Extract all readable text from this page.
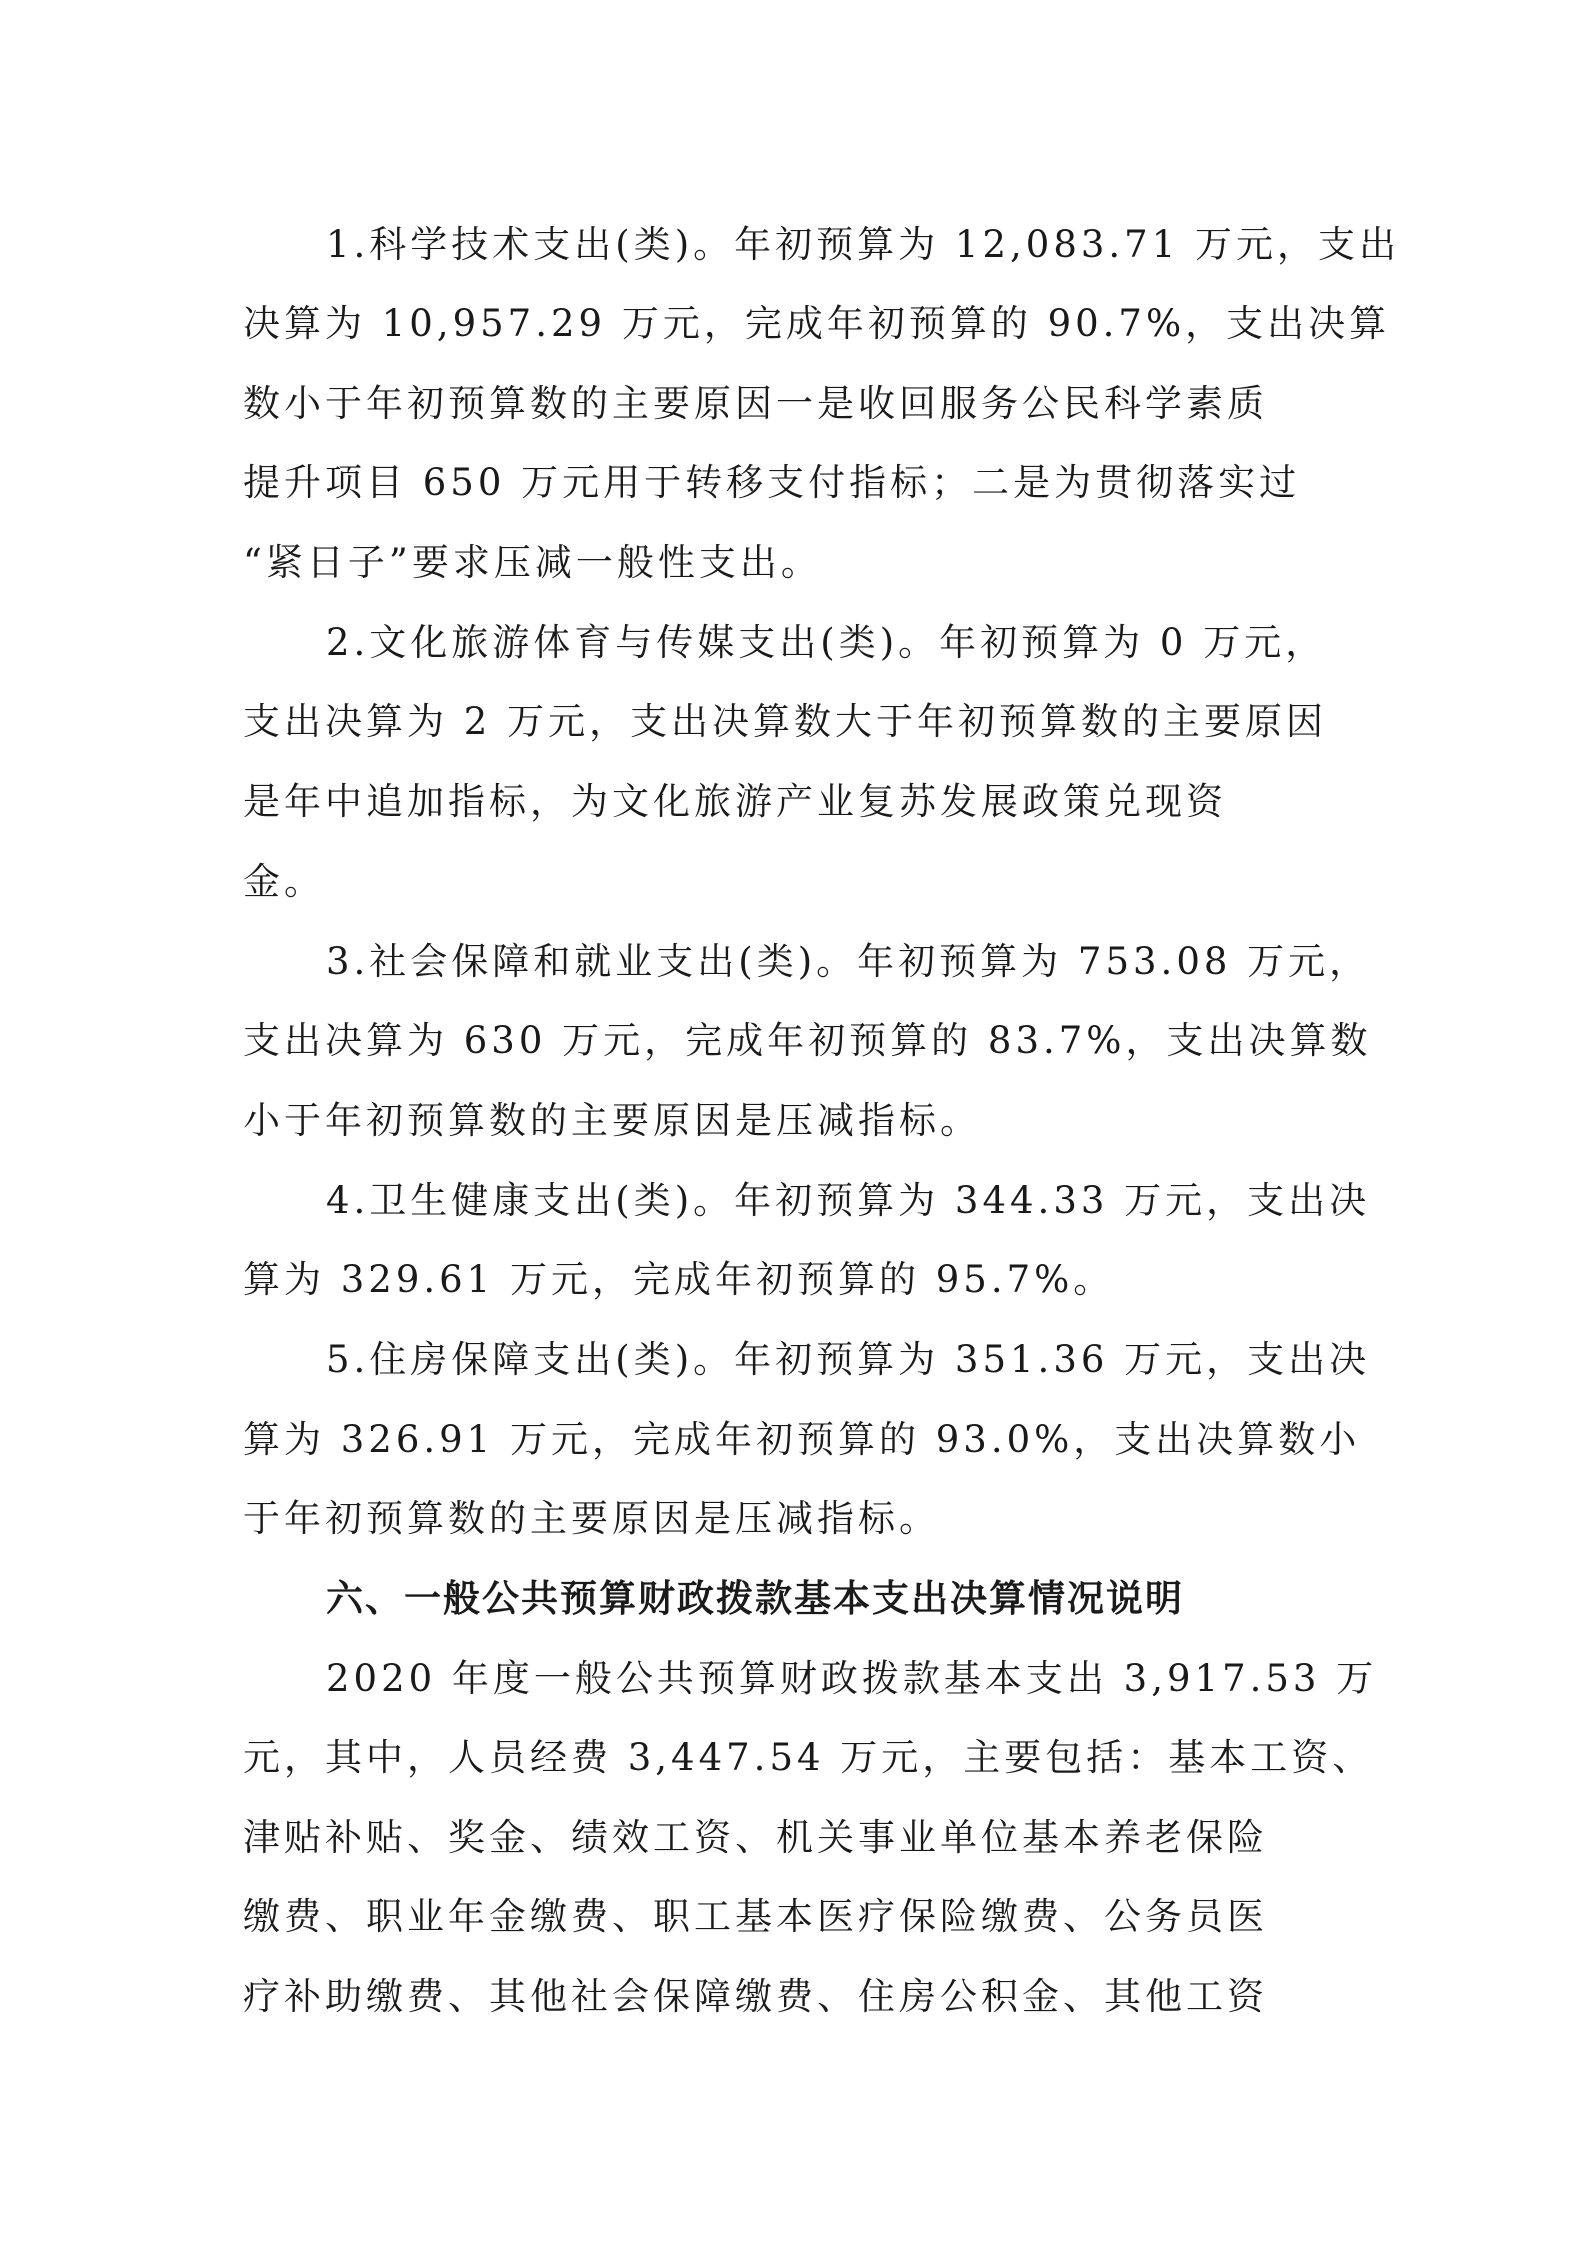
1.科学技术支出(类)。年初预算为 12,083.71 万元，支出
决算为 10,957.29 万元，完成年初预算的 90.7%，支出决算
数小于年初预算数的主要原因一是收回服务公民科学素质
提升项目 650 万元用于转移支付指标；二是为贯彻落实过
“紧日子”要求压减一般性支出。
2.文化旅游体育与传媒支出(类)。年初预算为 0 万元，
支出决算为 2 万元，支出决算数大于年初预算数的主要原因
是年中追加指标，为文化旅游产业复苏发展政策兑现资
金。
3.社会保障和就业支出(类)。年初预算为 753.08 万元，
支出决算为 630 万元，完成年初预算的 83.7%，支出决算数
小于年初预算数的主要原因是压减指标。
4.卫生健康支出(类)。年初预算为 344.33 万元，支出决
算为 329.61 万元，完成年初预算的 95.7%。
5.住房保障支出(类)。年初预算为 351.36 万元，支出决
算为 326.91 万元，完成年初预算的 93.0%，支出决算数小
于年初预算数的主要原因是压减指标。
六、一般公共预算财政拨款基本支出决算情况说明
2020 年度一般公共预算财政拨款基本支出 3,917.53 万
元，其中，人员经费 3,447.54 万元，主要包括：基本工资、
津贴补贴、奖金、绩效工资、机关事业单位基本养老保险
缴费、职业年金缴费、职工基本医疗保险缴费、公务员医
疗补助缴费、其他社会保障缴费、住房公积金、其他工资
